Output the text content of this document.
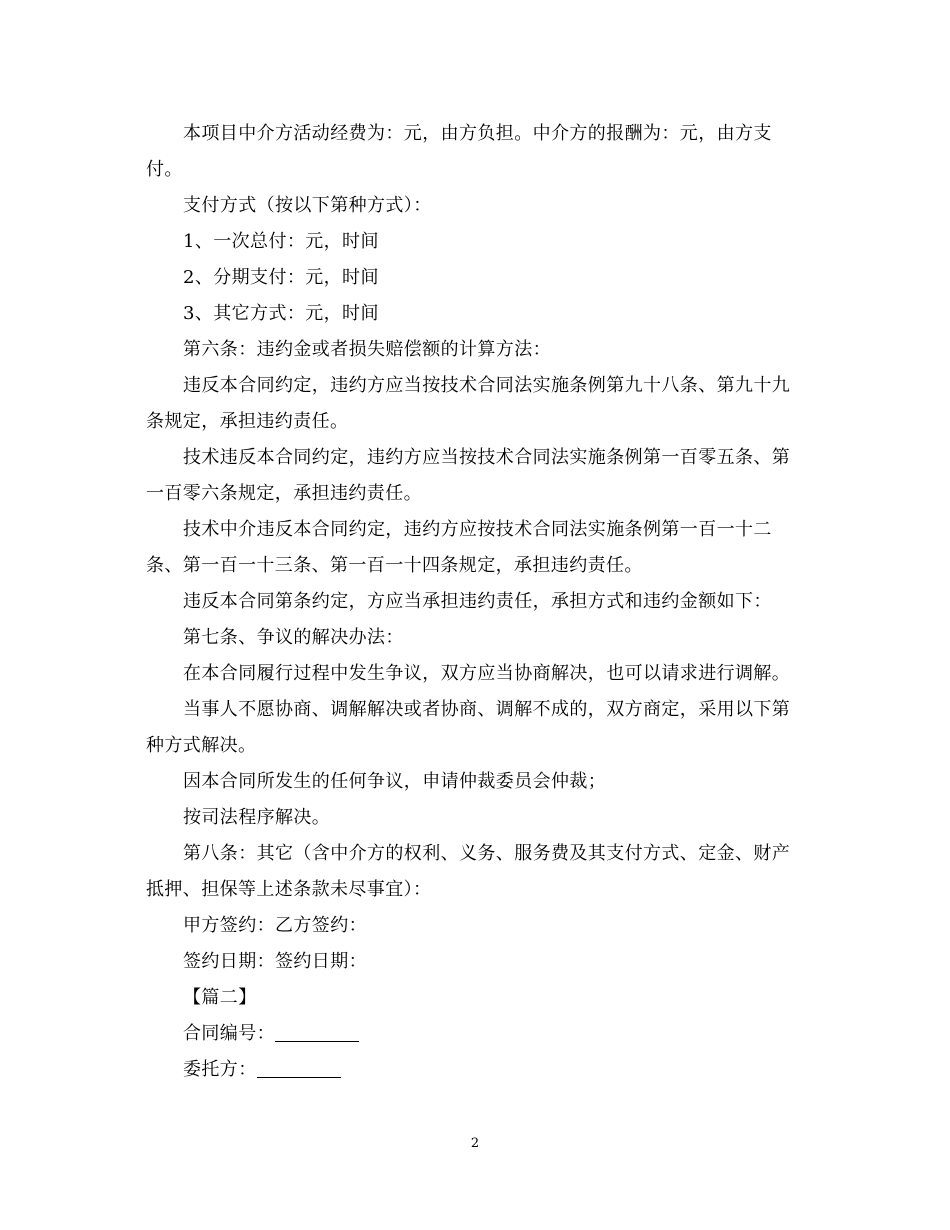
本项目中介方活动经费为：元，由方负担。中介方的报酬为：元，由方支付。

支付方式（按以下第种方式）：

1、一次总付：元，时间

2、分期支付：元，时间

3、其它方式：元，时间

第六条：违约金或者损失赔偿额的计算方法：

违反本合同约定，违约方应当按技术合同法实施条例第九十八条、第九十九条规定，承担违约责任。

技术违反本合同约定，违约方应当按技术合同法实施条例第一百零五条、第一百零六条规定，承担违约责任。

技术中介违反本合同约定，违约方应按技术合同法实施条例第一百一十二条、第一百一十三条、第一百一十四条规定，承担违约责任。

违反本合同第条约定，方应当承担违约责任，承担方式和违约金额如下：

第七条、争议的解决办法：

在本合同履行过程中发生争议，双方应当协商解决，也可以请求进行调解。

当事人不愿协商、调解解决或者协商、调解不成的，双方商定，采用以下第种方式解决。

因本合同所发生的任何争议，申请仲裁委员会仲裁；

按司法程序解决。

第八条：其它（含中介方的权利、义务、服务费及其支付方式、定金、财产抵押、担保等上述条款未尽事宜）：

甲方签约：乙方签约：

签约日期：签约日期：

【篇二】

合同编号：

委托方：

2
